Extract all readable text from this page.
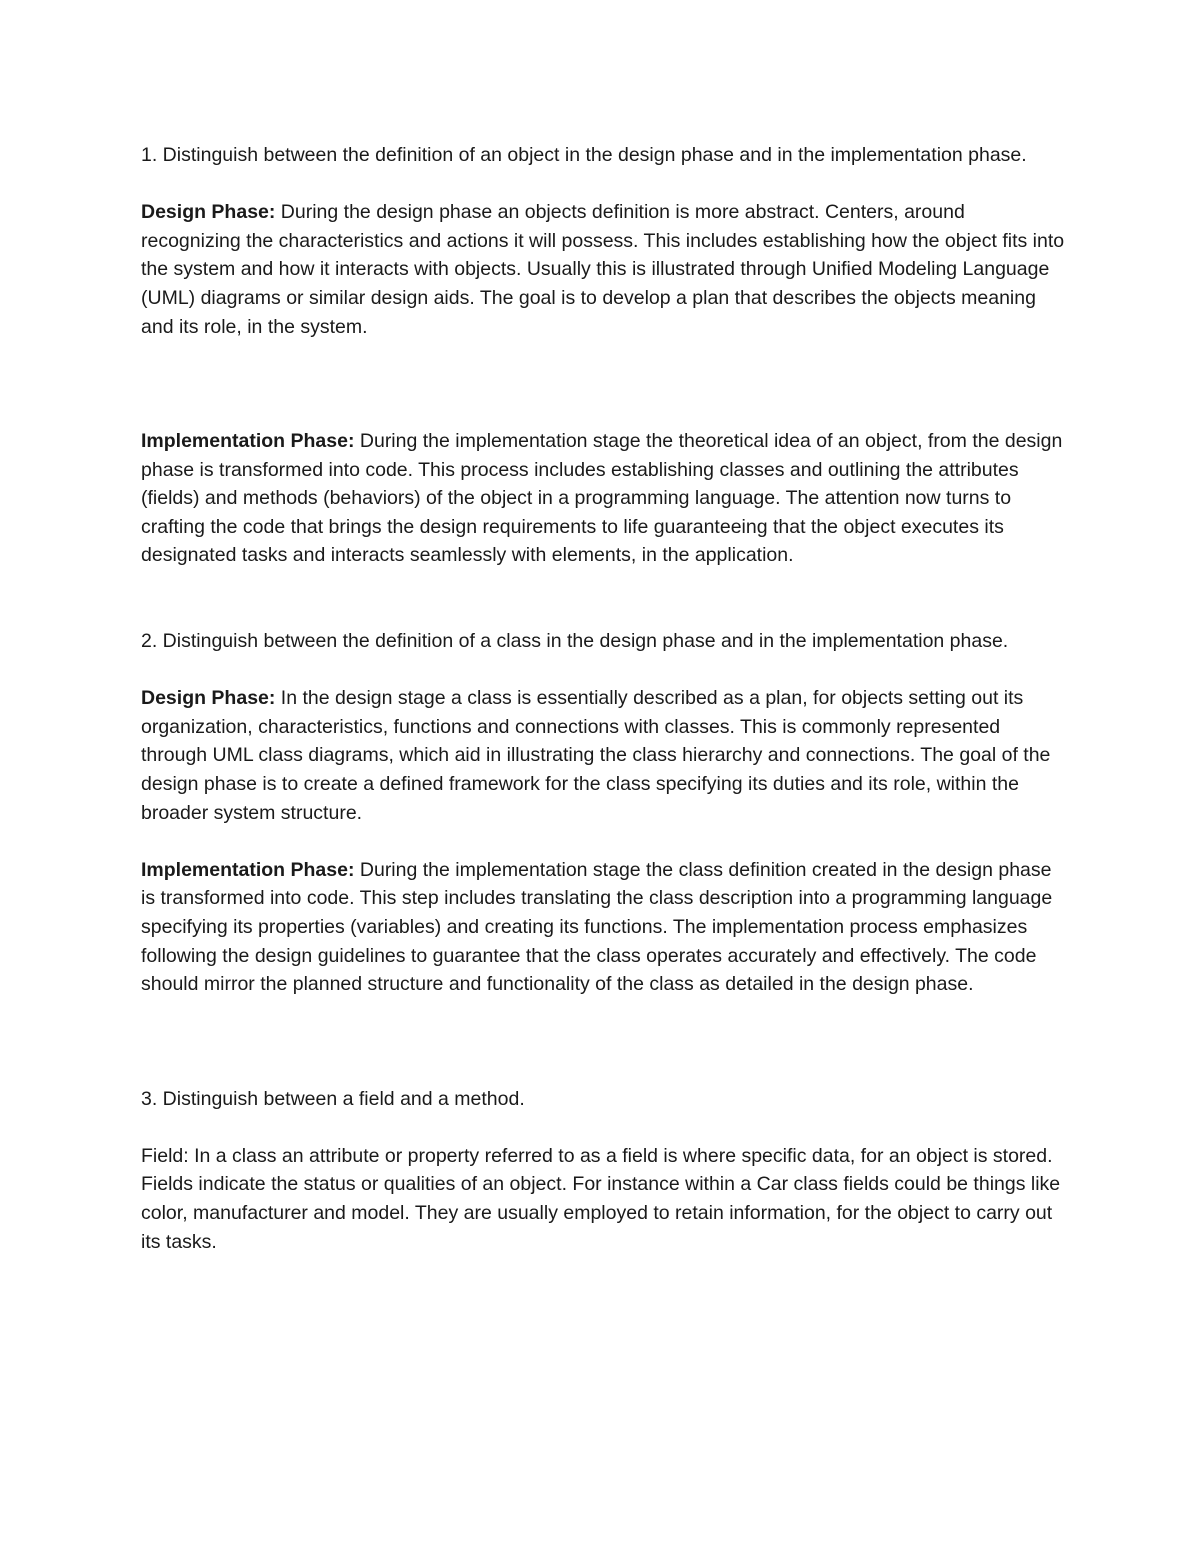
1. Distinguish between the definition of an object in the design phase and in the implementation phase.

Design Phase: During the design phase an objects definition is more abstract. Centers, around recognizing the characteristics and actions it will possess. This includes establishing how the object fits into the system and how it interacts with objects. Usually this is illustrated through Unified Modeling Language (UML) diagrams or similar design aids. The goal is to develop a plan that describes the objects meaning and its role, in the system.

Implementation Phase: During the implementation stage the theoretical idea of an object, from the design phase is transformed into code. This process includes establishing classes and outlining the attributes (fields) and methods (behaviors) of the object in a programming language. The attention now turns to crafting the code that brings the design requirements to life guaranteeing that the object executes its designated tasks and interacts seamlessly with elements, in the application.

2. Distinguish between the definition of a class in the design phase and in the implementation phase.

Design Phase: In the design stage a class is essentially described as a plan, for objects setting out its organization, characteristics, functions and connections with classes. This is commonly represented through UML class diagrams, which aid in illustrating the class hierarchy and connections. The goal of the design phase is to create a defined framework for the class specifying its duties and its role, within the broader system structure.

Implementation Phase: During the implementation stage the class definition created in the design phase is transformed into code. This step includes translating the class description into a programming language specifying its properties (variables) and creating its functions. The implementation process emphasizes following the design guidelines to guarantee that the class operates accurately and effectively. The code should mirror the planned structure and functionality of the class as detailed in the design phase.

3. Distinguish between a field and a method.

Field: In a class an attribute or property referred to as a field is where specific data, for an object is stored. Fields indicate the status or qualities of an object. For instance within a Car class fields could be things like color, manufacturer and model. They are usually employed to retain information, for the object to carry out its tasks.
